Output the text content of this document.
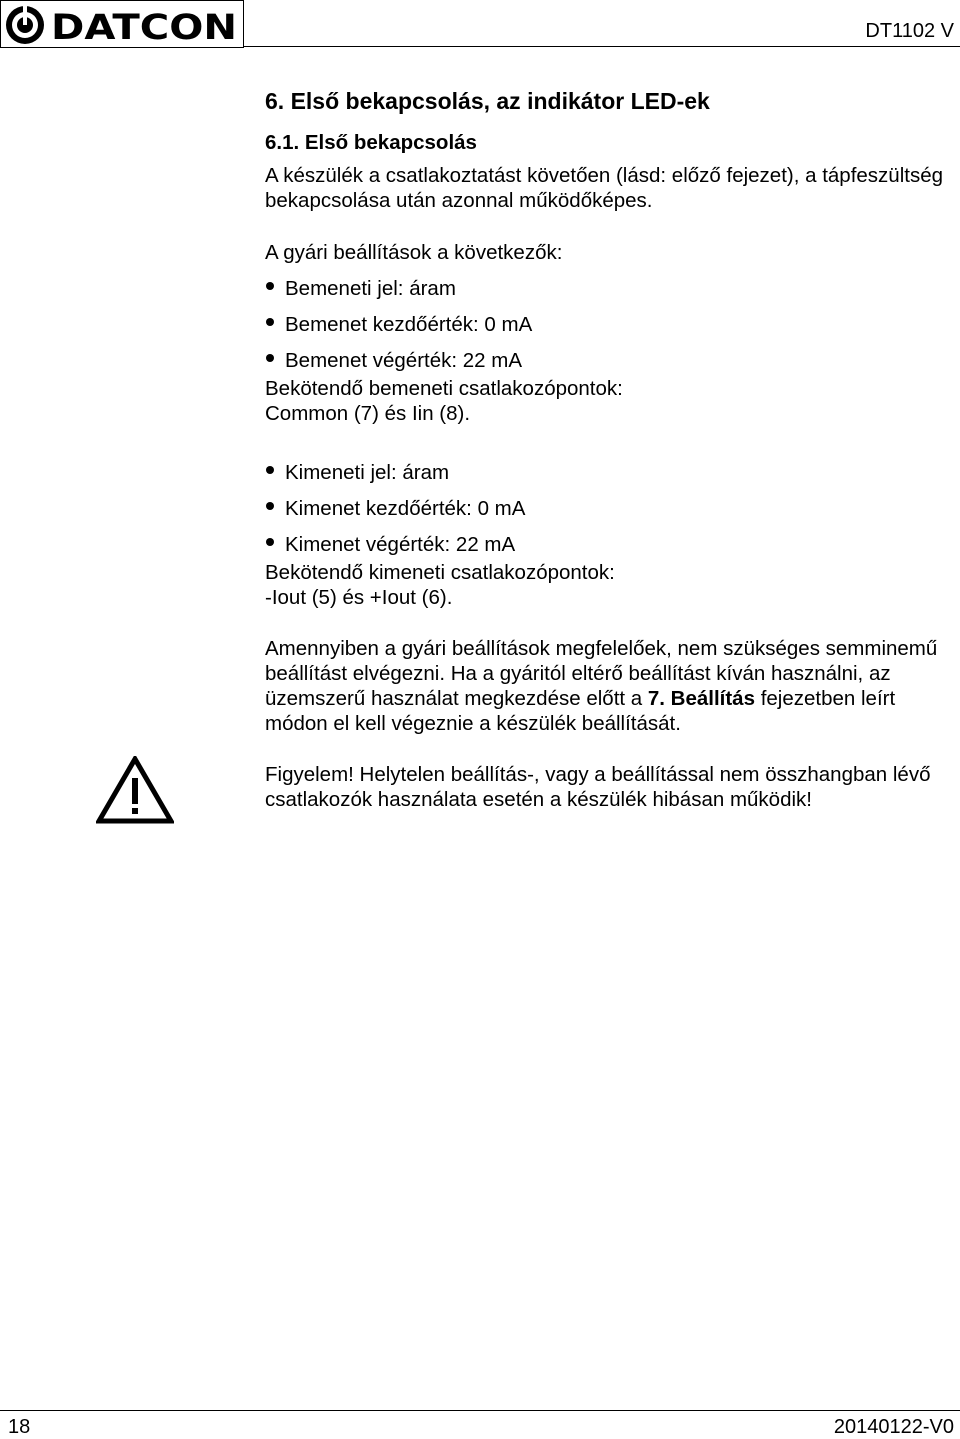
DATCON	DT1102 V
6. Első bekapcsolás, az indikátor LED-ek
6.1. Első bekapcsolás

A készülék a csatlakoztatást követően (lásd: előző fejezet), a tápfeszültség bekapcsolása után azonnal működőképes.

A gyári beállítások a következők:

Bemeneti jel: áram
Bemenet kezdőérték: 0 mA
Bemenet végérték: 22 mA

Bekötendő bemeneti csatlakozópontok:

Common (7) és Iin (8).

Kimeneti jel: áram
Kimenet kezdőérték: 0 mA
Kimenet végérték: 22 mA

Bekötendő kimeneti csatlakozópontok:

-Iout (5) és +Iout (6).

Amennyiben a gyári beállítások megfelelőek, nem szükséges semminemű beállítást elvégezni. Ha a gyáritól eltérő beállítást kíván használni, az üzemszerű használat megkezdése előtt a 7. Beállítás fejezetben leírt módon el kell végeznie a készülék beállítását.

Figyelem! Helytelen beállítás-, vagy a beállítással nem összhangban lévő csatlakozók használata esetén a készülék hibásan működik!

18	20140122-V0
